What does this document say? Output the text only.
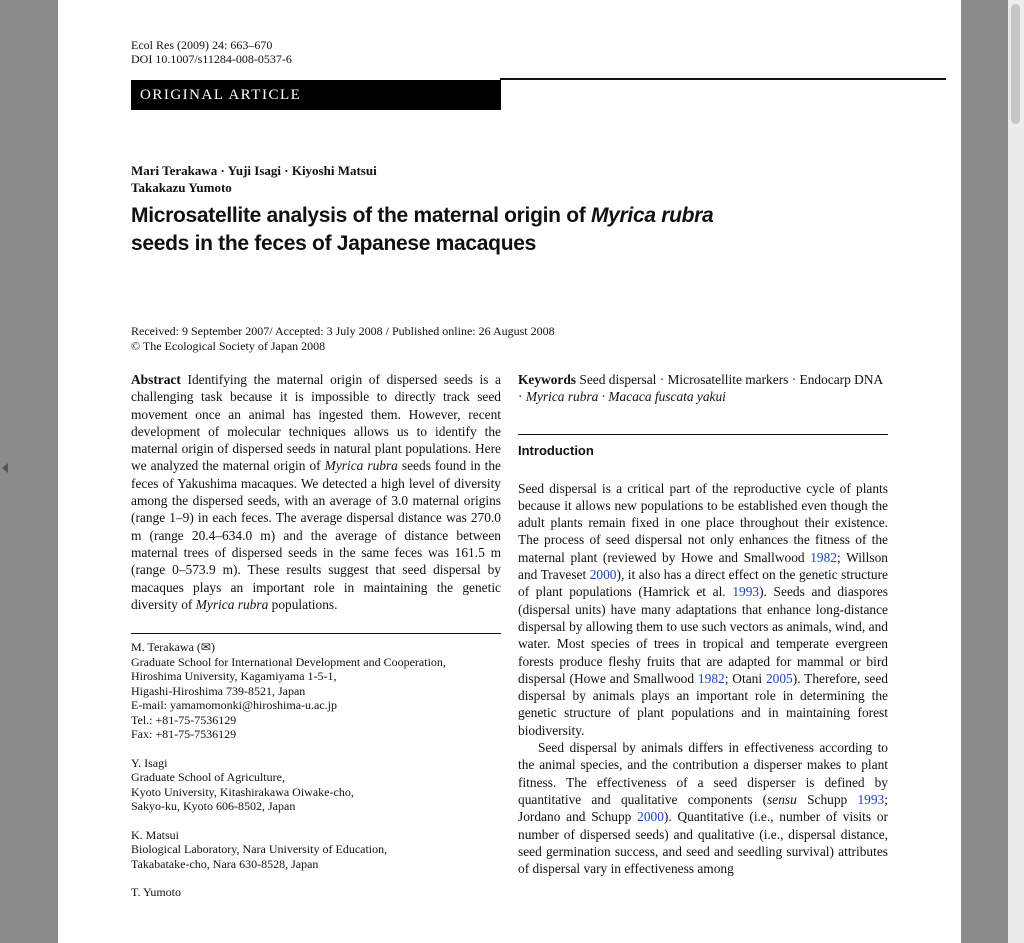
Ecol Res (2009) 24: 663–670
DOI 10.1007/s11284-008-0537-6
ORIGINAL ARTICLE
Mari Terakawa · Yuji Isagi · Kiyoshi Matsui
Takakazu Yumoto
Microsatellite analysis of the maternal origin of Myrica rubra
seeds in the feces of Japanese macaques
Received: 9 September 2007/ Accepted: 3 July 2008 / Published online: 26 August 2008
© The Ecological Society of Japan 2008
Abstract Identifying the maternal origin of dispersed seeds is a challenging task because it is impossible to directly track seed movement once an animal has ingested them. However, recent development of molecular techniques allows us to identify the maternal origin of dispersed seeds in natural plant populations. Here we analyzed the maternal origin of Myrica rubra seeds found in the feces of Yakushima macaques. We detected a high level of diversity among the dispersed seeds, with an average of 3.0 maternal origins (range 1–9) in each feces. The average dispersal distance was 270.0 m (range 20.4–634.0 m) and the average of distance between maternal trees of dispersed seeds in the same feces was 161.5 m (range 0–573.9 m). These results suggest that seed dispersal by macaques plays an important role in maintaining the genetic diversity of Myrica rubra populations.
M. Terakawa (✉)
Graduate School for International Development and Cooperation,
Hiroshima University, Kagamiyama 1-5-1,
Higashi-Hiroshima 739-8521, Japan
E-mail: yamamomonki@hiroshima-u.ac.jp
Tel.: +81-75-7536129
Fax: +81-75-7536129
Y. Isagi
Graduate School of Agriculture,
Kyoto University, Kitashirakawa Oiwake-cho,
Sakyo-ku, Kyoto 606-8502, Japan
K. Matsui
Biological Laboratory, Nara University of Education,
Takabatake-cho, Nara 630-8528, Japan
T. Yumoto
Keywords Seed dispersal · Microsatellite markers · Endocarp DNA · Myrica rubra · Macaca fuscata yakui
Introduction

Seed dispersal is a critical part of the reproductive cycle of plants because it allows new populations to be established even though the adult plants remain fixed in one place throughout their existence. The process of seed dispersal not only enhances the fitness of the maternal plant (reviewed by Howe and Smallwood 1982; Willson and Traveset 2000), it also has a direct effect on the genetic structure of plant populations (Hamrick et al. 1993). Seeds and diaspores (dispersal units) have many adaptations that enhance long-distance dispersal by allowing them to use such vectors as animals, wind, and water. Most species of trees in tropical and temperate evergreen forests produce fleshy fruits that are adapted for mammal or bird dispersal (Howe and Smallwood 1982; Otani 2005). Therefore, seed dispersal by animals plays an important role in determining the genetic structure of plant populations and in maintaining forest biodiversity.

Seed dispersal by animals differs in effectiveness according to the animal species, and the contribution a disperser makes to plant fitness. The effectiveness of a seed disperser is defined by quantitative and qualitative components (sensu Schupp 1993; Jordano and Schupp 2000). Quantitative (i.e., number of visits or number of dispersed seeds) and qualitative (i.e., dispersal distance, seed germination success, and seed and seedling survival) attributes of dispersal vary in effectiveness among
